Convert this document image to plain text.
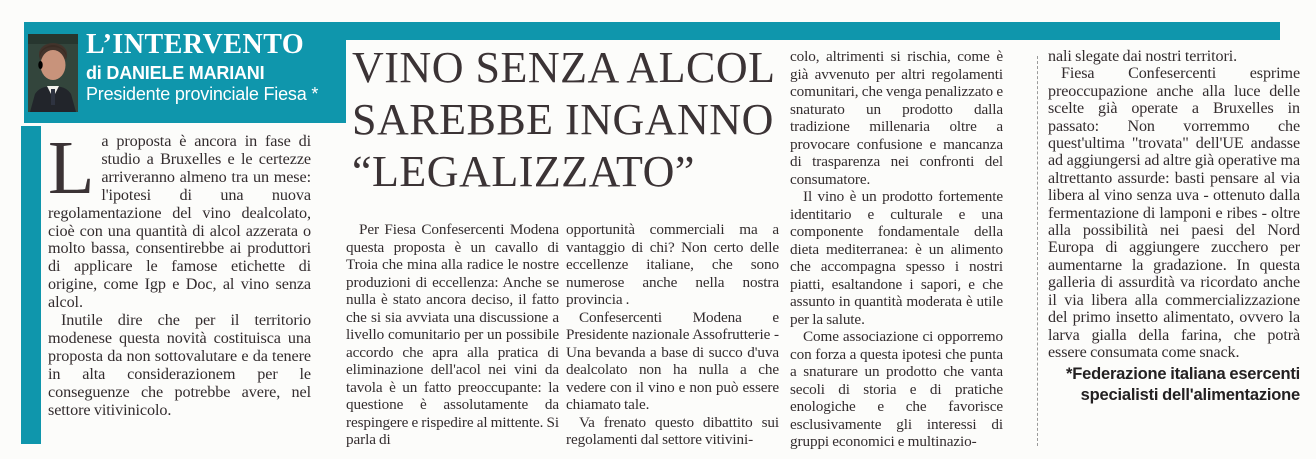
L’INTERVENTO
di DANIELE MARIANI
Presidente provinciale Fiesa *
VINO SENZA ALCOL
SAREBBE INGANNO
“LEGALIZZATO”

La proposta è ancora in fase di studio a Bruxelles e le certezze arriveranno almeno tra un mese: l'ipotesi di una nuova regolamentazione del vino dealcolato, cioè con una quantità di alcol azzerata o molto bassa, consentirebbe ai produttori di applicare le famose etichette di origine, come Igp e Doc, al vino senza alcol.

Inutile dire che per il territorio modenese questa novità costituisca una proposta da non sottovalutare e da tenere in alta considerazionem per le conseguenze che potrebbe avere, nel settore vitivinicolo.

Per Fiesa Confesercenti Modena questa proposta è un cavallo di Troia che mina alla radice le nostre produzioni di eccellenza: Anche se nulla è stato ancora deciso, il fatto che si sia avviata una discussione a livello comunitario per un possibile accordo che apra alla pratica di eliminazione dell'acol nei vini da tavola è un fatto preoccupante: la questione è assolutamente da respingere e rispedire al mittente. Si parla di

opportunità commerciali ma a vantaggio di chi? Non certo delle eccellenze italiane, che sono numerose anche nella nostra provincia .

Confesercenti Modena e Presidente nazionale Assofrutterie - Una bevanda a base di succo d'uva dealcolato non ha nulla a che vedere con il vino e non può essere chiamato tale.

Va frenato questo dibattito sui regolamenti dal settore vitivini-

colo, altrimenti si rischia, come è già avvenuto per altri regolamenti comunitari, che venga penalizzato e snaturato un prodotto dalla tradizione millenaria oltre a provocare confusione e mancanza di trasparenza nei confronti del consumatore.

Il vino è un prodotto fortemente identitario e culturale e una componente fondamentale della dieta mediterranea: è un alimento che accompagna spesso i nostri piatti, esaltandone i sapori, e che assunto in quantità moderata è utile per la salute.

Come associazione ci opporremo con forza a questa ipotesi che punta a snaturare un prodotto che vanta secoli di storia e di pratiche enologiche e che favorisce esclusivamente gli interessi di gruppi economici e multinazio-

nali slegate dai nostri territori.

Fiesa Confesercenti esprime preoccupazione anche alla luce delle scelte già operate a Bruxelles in passato: Non vorremmo che quest'ultima "trovata" dell'UE andasse ad aggiungersi ad altre già operative ma altrettanto assurde: basti pensare al via libera al vino senza uva - ottenuto dalla fermentazione di lamponi e ribes - oltre alla possibilità nei paesi del Nord Europa di aggiungere zucchero per aumentarne la gradazione. In questa galleria di assurdità va ricordato anche il via libera alla commercializzazione del primo insetto alimentato, ovvero la larva gialla della farina, che potrà essere consumata come snack.

*Federazione italiana esercenti
specialisti dell'alimentazione
